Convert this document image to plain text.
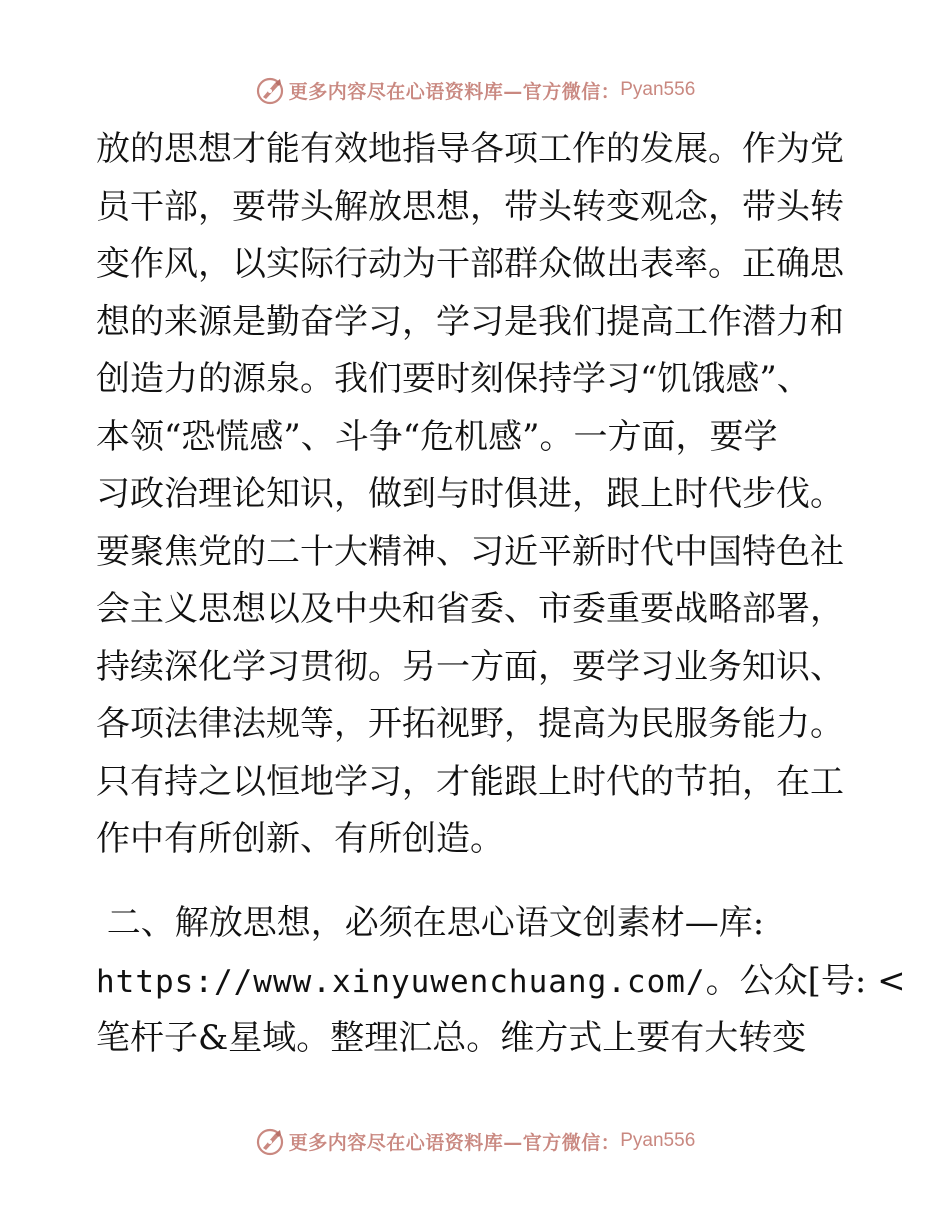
更多内容尽在心语资料库—官方微信： Pyan556
放的思想才能有效地指导各项工作的发展。作为党
员干部，要带头解放思想，带头转变观念，带头转
变作风，以实际行动为干部群众做出表率。正确思
想的来源是勤奋学习，学习是我们提高工作潜力和
创造力的源泉。我们要时刻保持学习“饥饿感”、
本领“恐慌感”、斗争“危机感”。一方面，要学
习政治理论知识，做到与时俱进，跟上时代步伐。
要聚焦党的二十大精神、习近平新时代中国特色社
会主义思想以及中央和省委、市委重要战略部署，
持续深化学习贯彻。另一方面，要学习业务知识、
各项法律法规等，开拓视野，提高为民服务能力。
只有持之以恒地学习，才能跟上时代的节拍，在工
作中有所创新、有所创造。
二、解放思想，必须在思心语文创素材—库:
https://www.xinyuwenchuang.com/。公众[号: <
笔杆子&星域。整理汇总。维方式上要有大转变
更多内容尽在心语资料库—官方微信： Pyan556
